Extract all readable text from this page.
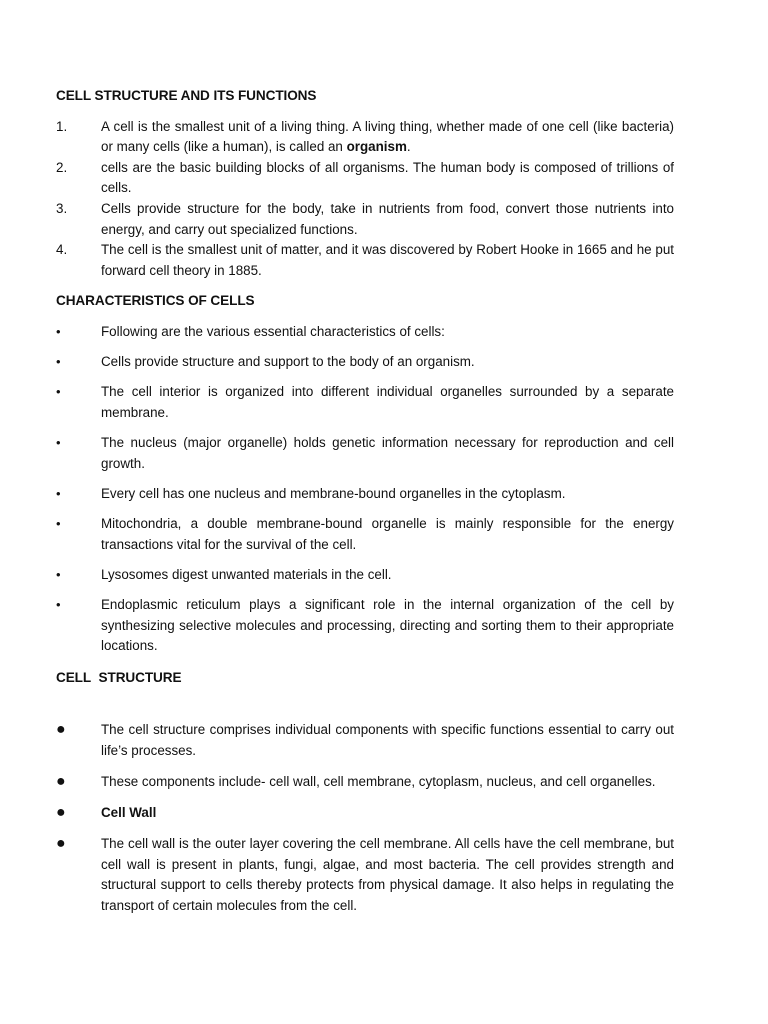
CELL STRUCTURE AND ITS FUNCTIONS

1.	A cell is the smallest unit of a living thing. A living thing, whether made of one cell (like bacteria) or many cells (like a human), is called an organism.
2.	cells are the basic building blocks of all organisms. The human body is composed of trillions of cells.
3.	Cells provide structure for the body, take in nutrients from food, convert those nutrients into energy, and carry out specialized functions.
4.	The cell is the smallest unit of matter, and it was discovered by Robert Hooke in 1665 and he put forward cell theory in 1885.

CHARACTERISTICS OF CELLS

•	Following are the various essential characteristics of cells:
•	Cells provide structure and support to the body of an organism.
•	The cell interior is organized into different individual organelles surrounded by a separate membrane.
•	The nucleus (major organelle) holds genetic information necessary for reproduction and cell growth.
•	Every cell has one nucleus and membrane-bound organelles in the cytoplasm.
•	Mitochondria, a double membrane-bound organelle is mainly responsible for the energy transactions vital for the survival of the cell.
•	Lysosomes digest unwanted materials in the cell.
•	Endoplasmic reticulum plays a significant role in the internal organization of the cell by synthesizing selective molecules and processing, directing and sorting them to their appropriate locations.

CELL STRUCTURE

●	The cell structure comprises individual components with specific functions essential to carry out life’s processes.
●	These components include- cell wall, cell membrane, cytoplasm, nucleus, and cell organelles.
●	Cell Wall
●	The cell wall is the outer layer covering the cell membrane. All cells have the cell membrane, but cell wall is present in plants, fungi, algae, and most bacteria. The cell provides strength and structural support to cells thereby protects from physical damage. It also helps in regulating the transport of certain molecules from the cell.
